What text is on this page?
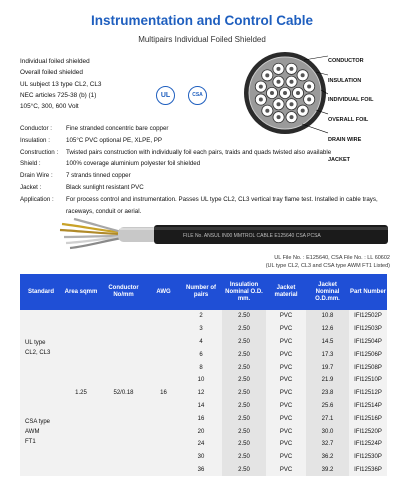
Instrumentation and Control Cable
Multipairs Individual Foiled Shielded
Individual foiled shielded
Overall foiled shielded
UL subject 13 type CL2, CL3
NEC articles 725-38 (b) (1)
105°C, 300, 600 Volt
UL	CSA
CONDUCTOR
INSULATION
INDIVIDUAL FOIL
OVERALL FOIL
DRAIN WIRE
JACKET
Conductor :	Fine stranded concentric bare copper
Insulation :	105°C PVC optional PE, XLPE, PP
Construction :	Twisted pairs construction with individually foil each pairs, traids and quads twisted also available
Shield :	100% coverage aluminium polyester foil shielded
Drain Wire :	7 strands tinned copper
Jacket :	Black sunlight resistant PVC
Application :	For process control and instrumentation. Passes UL type CL2, CL3 vertical tray flame test. Installed in cable trays, raceways, conduit or aerial.
FILE No. ANSUL IN00 MMTROL CABLE E125640 CSA PCSA
UL File No. : E125640, CSA File No. : LL 60602
(UL type CL2, CL3 and CSA type AWM FT1 Listed)
Standard	Area sqmm	Conductor No/mm	AWG	Number of pairs	Insulation Nominal O.D. mm.	Jacket material	Jacket Nominal O.D.mm.	Part Number

UL type
CL2, CL3	1.25	52/0.18	16	2	2.50	PVC	10.8	IFI12502P
				3	2.50	PVC	12.6	IFI12503P
				4	2.50	PVC	14.5	IFI12504P
				6	2.50	PVC	17.3	IFI12506P
				8	2.50	PVC	19.7	IFI12508P
				10	2.50	PVC	21.9	IFI12510P

CSA type
AWM
FT1				12	2.50	PVC	23.8	IFI12512P
				14	2.50	PVC	25.6	IFI12514P
				16	2.50	PVC	27.1	IFI12516P
				20	2.50	PVC	30.0	IFI12520P
				24	2.50	PVC	32.7	IFI12524P
				30	2.50	PVC	36.2	IFI12530P
				36	2.50	PVC	39.2	IFI12536P
